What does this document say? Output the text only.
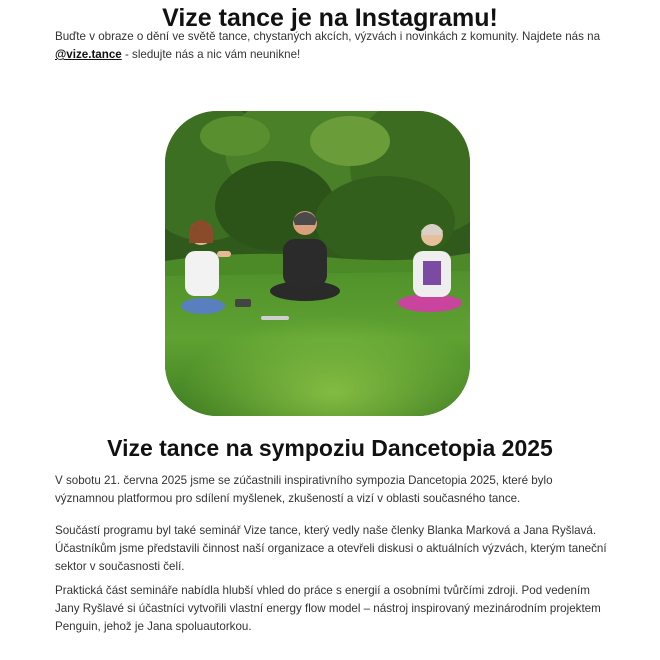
Vize tance je na Instagramu!
Buďte v obraze o dění ve světě tance, chystaných akcích, výzvách i novinkách z komunity. Najdete nás na @vize.tance - sledujte nás a nic vám neunikne!
Vize tance na sympoziu Dancetopia 2025

V sobotu 21. června 2025 jsme se zúčastnili inspirativního sympozia Dancetopia 2025, které bylo významnou platformou pro sdílení myšlenek, zkušeností a vizí v oblasti současného tance.

Součástí programu byl také seminář Vize tance, který vedly naše členky Blanka Marková a Jana Ryšlavá. Účastníkům jsme představili činnost naší organizace a otevřeli diskusi o aktuálních výzvách, kterým taneční sektor v současnosti čelí.

Praktická část semináře nabídla hlubší vhled do práce s energií a osobními tvůrčími zdroji. Pod vedením Jany Ryšlavé si účastníci vytvořili vlastní energy flow model – nástroj inspirovaný mezinárodním projektem Penguin, jehož je Jana spoluautorkou.
